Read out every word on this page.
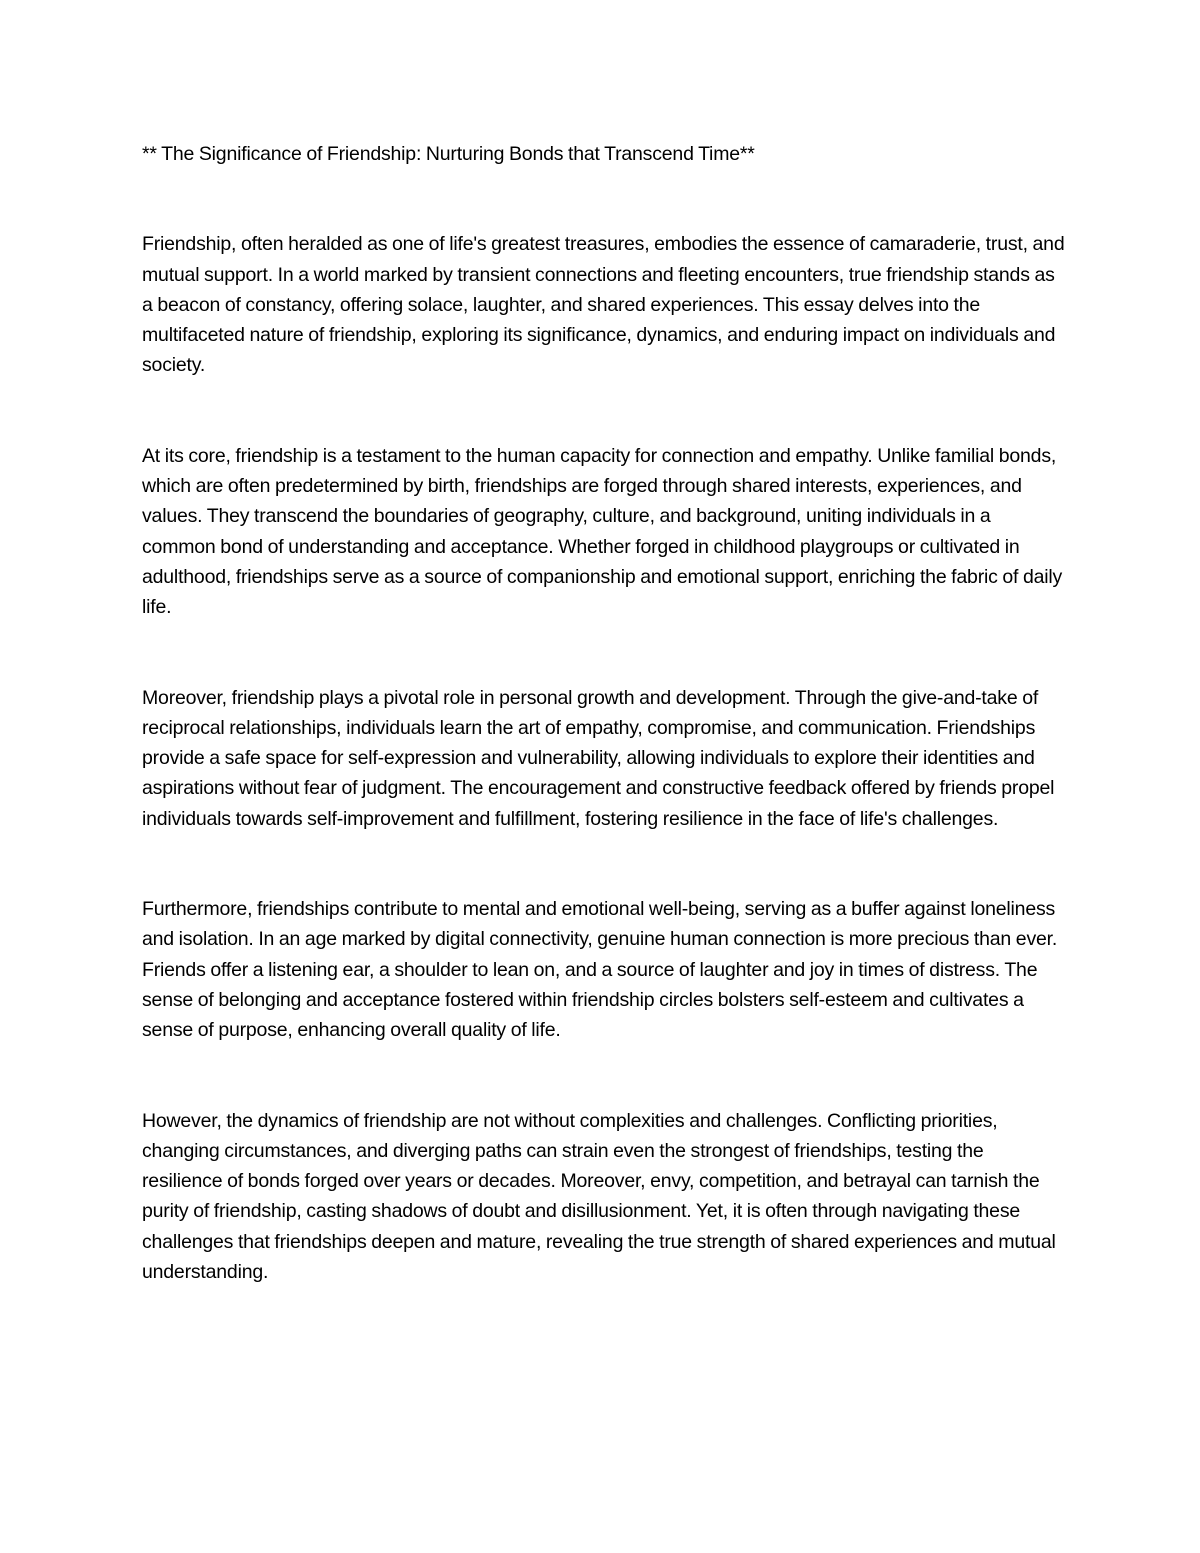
** The Significance of Friendship: Nurturing Bonds that Transcend Time**

Friendship, often heralded as one of life's greatest treasures, embodies the essence of camaraderie, trust, and mutual support. In a world marked by transient connections and fleeting encounters, true friendship stands as a beacon of constancy, offering solace, laughter, and shared experiences. This essay delves into the multifaceted nature of friendship, exploring its significance, dynamics, and enduring impact on individuals and society.

At its core, friendship is a testament to the human capacity for connection and empathy. Unlike familial bonds, which are often predetermined by birth, friendships are forged through shared interests, experiences, and values. They transcend the boundaries of geography, culture, and background, uniting individuals in a common bond of understanding and acceptance. Whether forged in childhood playgroups or cultivated in adulthood, friendships serve as a source of companionship and emotional support, enriching the fabric of daily life.

Moreover, friendship plays a pivotal role in personal growth and development. Through the give-and-take of reciprocal relationships, individuals learn the art of empathy, compromise, and communication. Friendships provide a safe space for self-expression and vulnerability, allowing individuals to explore their identities and aspirations without fear of judgment. The encouragement and constructive feedback offered by friends propel individuals towards self-improvement and fulfillment, fostering resilience in the face of life's challenges.

Furthermore, friendships contribute to mental and emotional well-being, serving as a buffer against loneliness and isolation. In an age marked by digital connectivity, genuine human connection is more precious than ever. Friends offer a listening ear, a shoulder to lean on, and a source of laughter and joy in times of distress. The sense of belonging and acceptance fostered within friendship circles bolsters self-esteem and cultivates a sense of purpose, enhancing overall quality of life.

However, the dynamics of friendship are not without complexities and challenges. Conflicting priorities, changing circumstances, and diverging paths can strain even the strongest of friendships, testing the resilience of bonds forged over years or decades. Moreover, envy, competition, and betrayal can tarnish the purity of friendship, casting shadows of doubt and disillusionment. Yet, it is often through navigating these challenges that friendships deepen and mature, revealing the true strength of shared experiences and mutual understanding.
